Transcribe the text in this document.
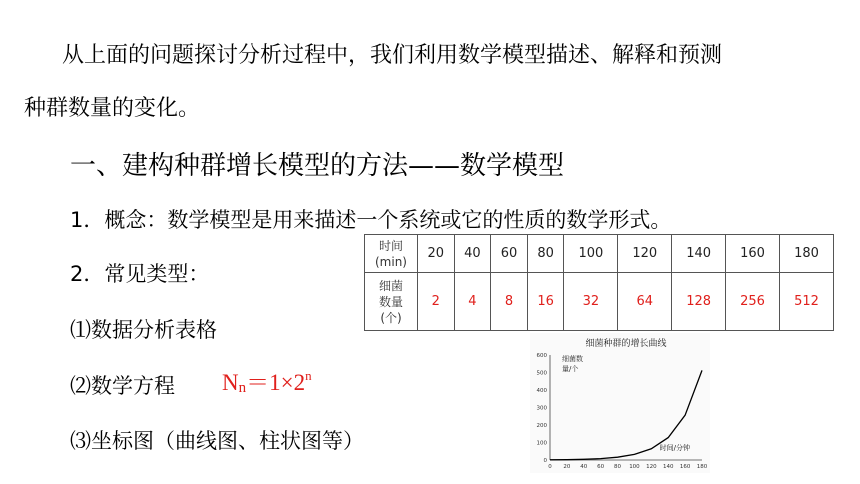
从上面的问题探讨分析过程中，我们利用数学模型描述、解释和预测
种群数量的变化。
一、建构种群增长模型的方法——数学模型
1．概念：数学模型是用来描述一个系统或它的性质的数学形式。
2．常见类型：
⑴数据分析表格
⑵数学方程
⑶坐标图（曲线图、柱状图等）
$N_n=1\times 2^n$
时间
(min)	20	40	60	80	100	120	140	160	180

细菌
数量
(个)	2	4	8	16	32	64	128	256	512
细菌种群的增长曲线
细菌数
量/个
时间/分钟
0 20 40 60 80 100 120 140 160 180
0
100
200
300
400
500
600
